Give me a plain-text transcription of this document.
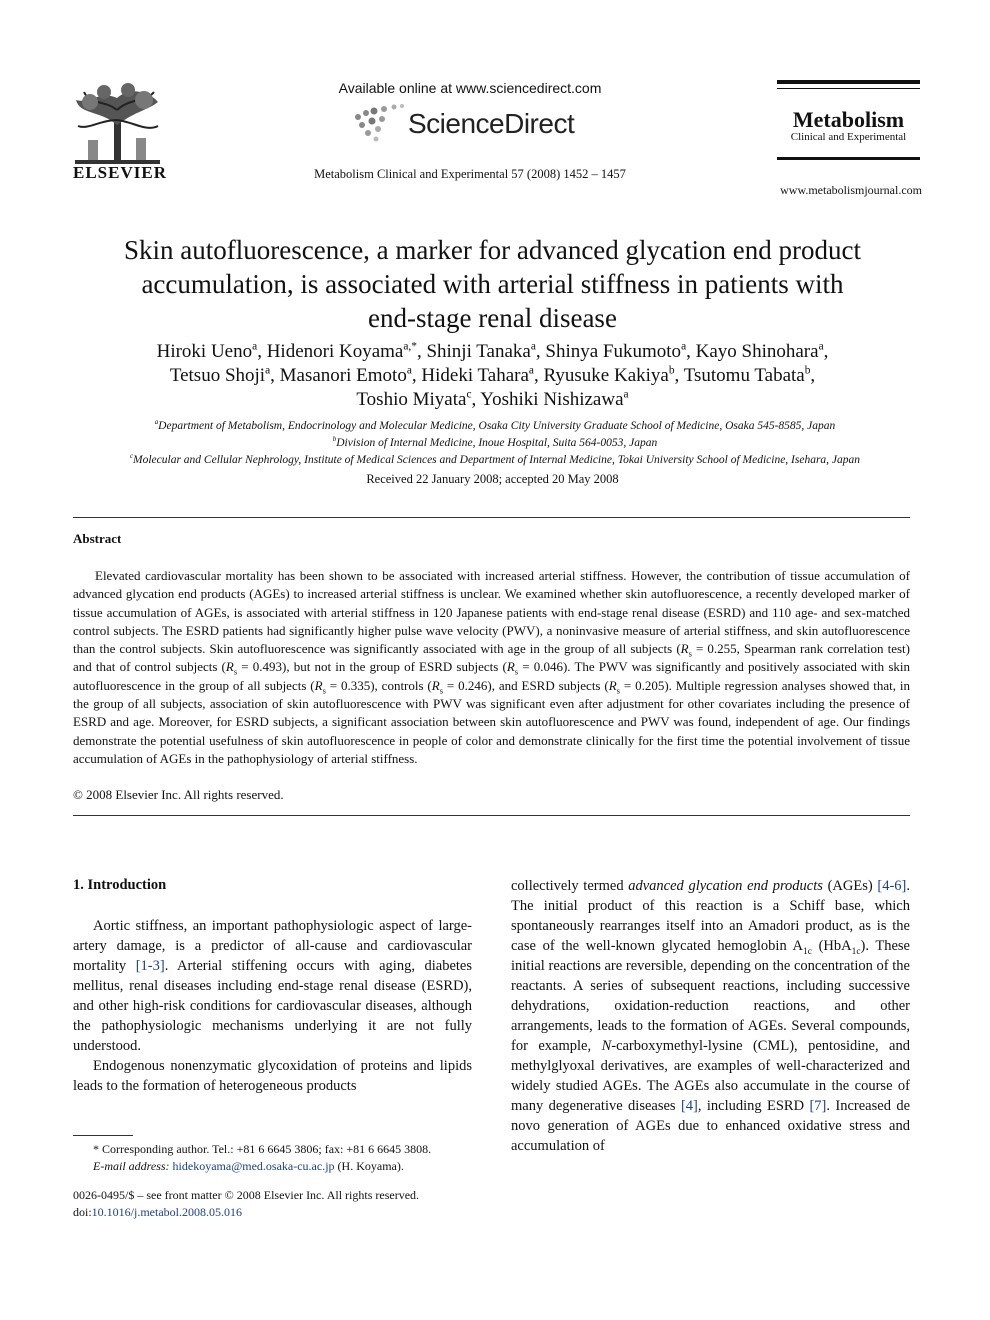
ELSEVIER
Available online at www.sciencedirect.com
ScienceDirect
Metabolism Clinical and Experimental 57 (2008) 1452 – 1457
Metabolism
Clinical and Experimental
www.metabolismjournal.com
Skin autofluorescence, a marker for advanced glycation end product
accumulation, is associated with arterial stiffness in patients with
end-stage renal disease
Hiroki Ueno$^a$, Hidenori Koyama$^{a,*}$, Shinji Tanaka$^a$, Shinya Fukumoto$^a$, Kayo Shinohara$^a$,
Tetsuo Shoji$^a$, Masanori Emoto$^a$, Hideki Tahara$^a$, Ryusuke Kakiya$^b$, Tsutomu Tabata$^b$,
Toshio Miyata$^c$, Yoshiki Nishizawa$^a$
$^a$Department of Metabolism, Endocrinology and Molecular Medicine, Osaka City University Graduate School of Medicine, Osaka 545-8585, Japan
$^b$Division of Internal Medicine, Inoue Hospital, Suita 564-0053, Japan
$^c$Molecular and Cellular Nephrology, Institute of Medical Sciences and Department of Internal Medicine, Tokai University School of Medicine, Isehara, Japan
Received 22 January 2008; accepted 20 May 2008
Abstract
Elevated cardiovascular mortality has been shown to be associated with increased arterial stiffness. However, the contribution of tissue accumulation of advanced glycation end products (AGEs) to increased arterial stiffness is unclear. We examined whether skin autofluorescence, a recently developed marker of tissue accumulation of AGEs, is associated with arterial stiffness in 120 Japanese patients with end-stage renal disease (ESRD) and 110 age- and sex-matched control subjects. The ESRD patients had significantly higher pulse wave velocity (PWV), a noninvasive measure of arterial stiffness, and skin autofluorescence than the control subjects. Skin autofluorescence was significantly associated with age in the group of all subjects ($R_s = 0.255$, Spearman rank correlation test) and that of control subjects $(R_s = 0.493)$, but not in the group of ESRD subjects $(R_s = 0.046)$. The PWV was significantly and positively associated with skin autofluorescence in the group of all subjects $(R_s = 0.335)$, controls $(R_s = 0.246)$, and ESRD subjects $(R_s = 0.205)$. Multiple regression analyses showed that, in the group of all subjects, association of skin autofluorescence with PWV was significant even after adjustment for other covariates including the presence of ESRD and age. Moreover, for ESRD subjects, a significant association between skin autofluorescence and PWV was found, independent of age. Our findings demonstrate the potential usefulness of skin autofluorescence in people of color and demonstrate clinically for the first time the potential involvement of tissue accumulation of AGEs in the pathophysiology of arterial stiffness.
© 2008 Elsevier Inc. All rights reserved.
1. Introduction

Aortic stiffness, an important pathophysiologic aspect of large-artery damage, is a predictor of all-cause and cardiovascular mortality [1-3]. Arterial stiffening occurs with aging, diabetes mellitus, renal diseases including end-stage renal disease (ESRD), and other high-risk conditions for cardiovascular diseases, although the pathophysiologic mechanisms underlying it are not fully understood.

Endogenous nonenzymatic glycoxidation of proteins and lipids leads to the formation of heterogeneous products

collectively termed advanced glycation end products (AGEs) [4-6]. The initial product of this reaction is a Schiff base, which spontaneously rearranges itself into an Amadori product, as is the case of the well-known glycated hemoglobin $A_{1c}$ (HbA$_{1c}$). These initial reactions are reversible, depending on the concentration of the reactants. A series of subsequent reactions, including successive dehydrations, oxidation-reduction reactions, and other arrangements, leads to the formation of AGEs. Several compounds, for example, N-carboxymethyl-lysine (CML), pentosidine, and methylglyoxal derivatives, are examples of well-characterized and widely studied AGEs. The AGEs also accumulate in the course of many degenerative diseases [4], including ESRD [7]. Increased de novo generation of AGEs due to enhanced oxidative stress and accumulation of

* Corresponding author. Tel.: +81 6 6645 3806; fax: +81 6 6645 3808.
E-mail address: hidekoyama@med.osaka-cu.ac.jp (H. Koyama).
0026-0495/$ – see front matter © 2008 Elsevier Inc. All rights reserved.
doi:10.1016/j.metabol.2008.05.016
